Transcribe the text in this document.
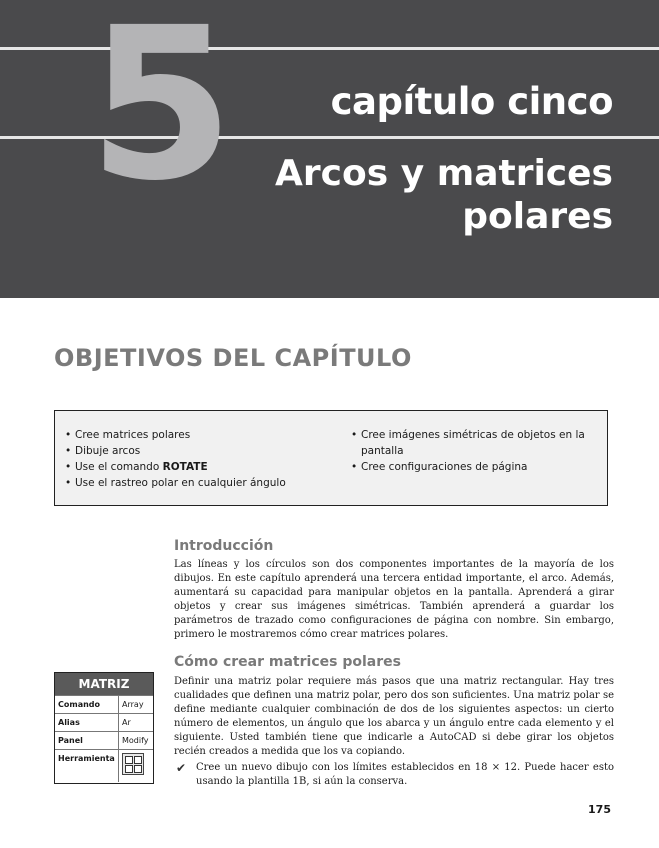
5	capítulo cinco
Arcos y matrices
polares
OBJETIVOS DEL CAPÍTULO
• Cree matrices polares
• Dibuje arcos
• Use el comando ROTATE
• Use el rastreo polar en cualquier ángulo
• Cree imágenes simétricas de objetos en la pantalla
• Cree configuraciones de página
Introducción

Las líneas y los círculos son dos componentes importantes de la mayoría de los dibujos. En este capítulo aprenderá una tercera entidad importante, el arco. Además, aumentará su capacidad para manipular objetos en la pantalla. Aprenderá a girar objetos y crear sus imágenes simétricas. También aprenderá a guardar los parámetros de trazado como configuraciones de página con nombre. Sin embargo, primero le mostraremos cómo crear matrices polares.

Cómo crear matrices polares

Definir una matriz polar requiere más pasos que una matriz rectangular. Hay tres cualidades que definen una matriz polar, pero dos son suficientes. Una matriz polar se define mediante cualquier combinación de dos de los siguientes aspectos: un cierto número de elementos, un ángulo que los abarca y un ángulo entre cada elemento y el siguiente. Usted también tiene que indicarle a AutoCAD si debe girar los objetos recién creados a medida que los va copiando.

✔ Cree un nuevo dibujo con los límites establecidos en 18 × 12. Puede hacer esto usando la plantilla 1B, si aún la conserva.
MATRIZ
Comando	Array
Alias	Ar
Panel	Modify
Herramienta
175
